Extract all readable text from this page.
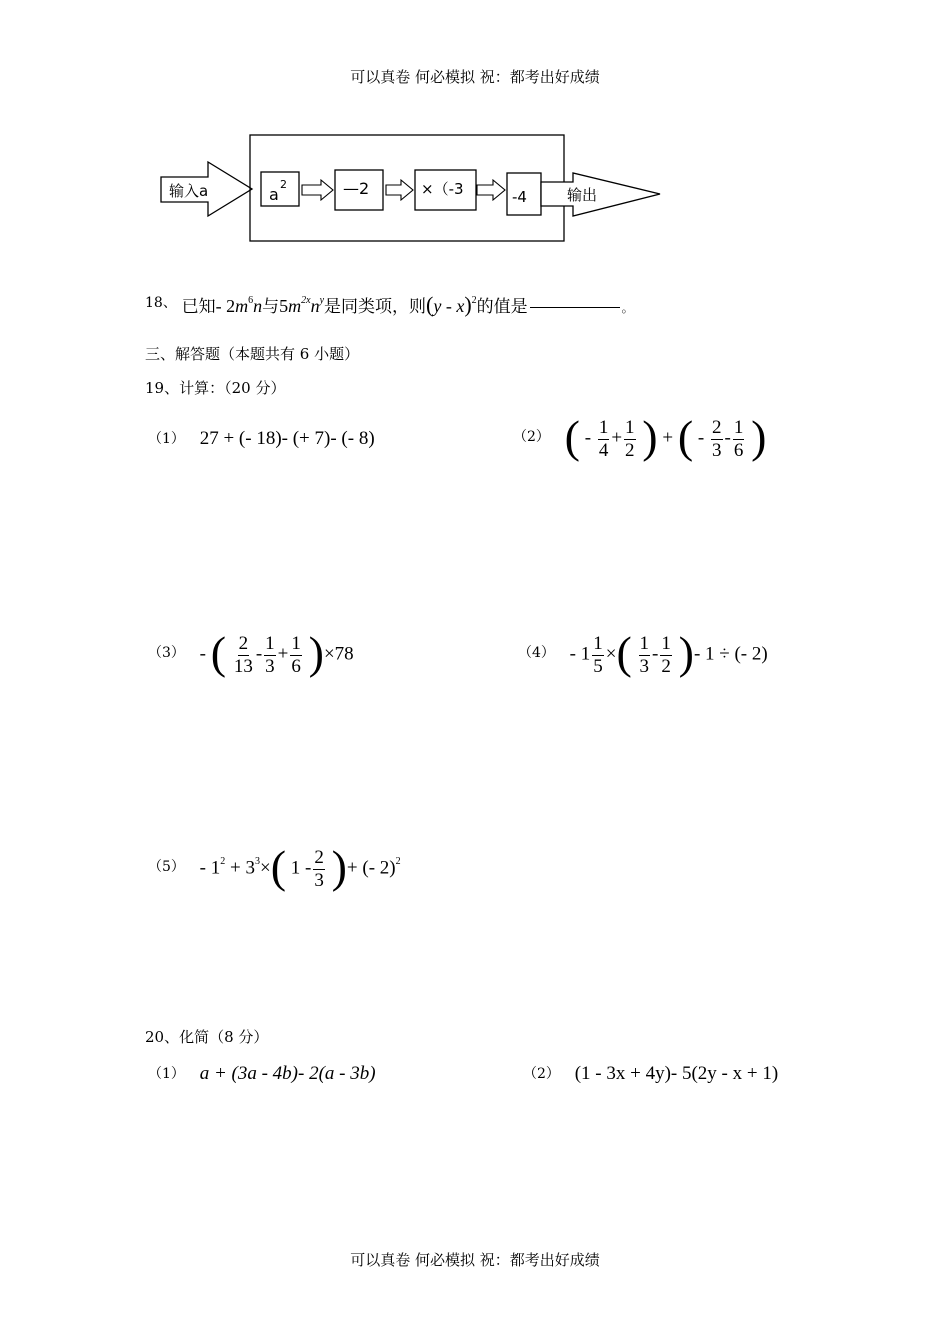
可以真卷 何必模拟 祝：都考出好成绩
输入a	a
2	—2	×（-3	-4	输出
18、 已知- $2m^6n$与$5m^{2x}n^y$是同类项，则(y - x)$^2$的值是	。
三、解答题（本题共有 6 小题）
19、计算：（20 分）
（1） 27 + (- 18)- (+ 7)- (- 8)	$^{(2)}$ ( - $\frac{1}{4} + \frac{1}{2}$ ) + ( - $\frac{2}{3} - \frac{1}{6}$ )
$^{(3)}$ - ( $\frac{2}{13} - \frac{1}{3} + \frac{1}{6} )\times 78$	$^{(4)} - 1 \frac{1}{5}$ ×( $\frac{1}{3} - \frac{1}{2}$ )- 1 ÷ (- 2)
$^{(5)} - 1^2 + 3^3\times$( $1 - \frac{2}{3}$ )+ (- 2)$^2$
20、化简（8 分）
（1） a + (3a - 4b)- 2(a - 3b)	（2） (1 - 3x + 4y)- 5(2y - x + 1)
可以真卷 何必模拟 祝：都考出好成绩
